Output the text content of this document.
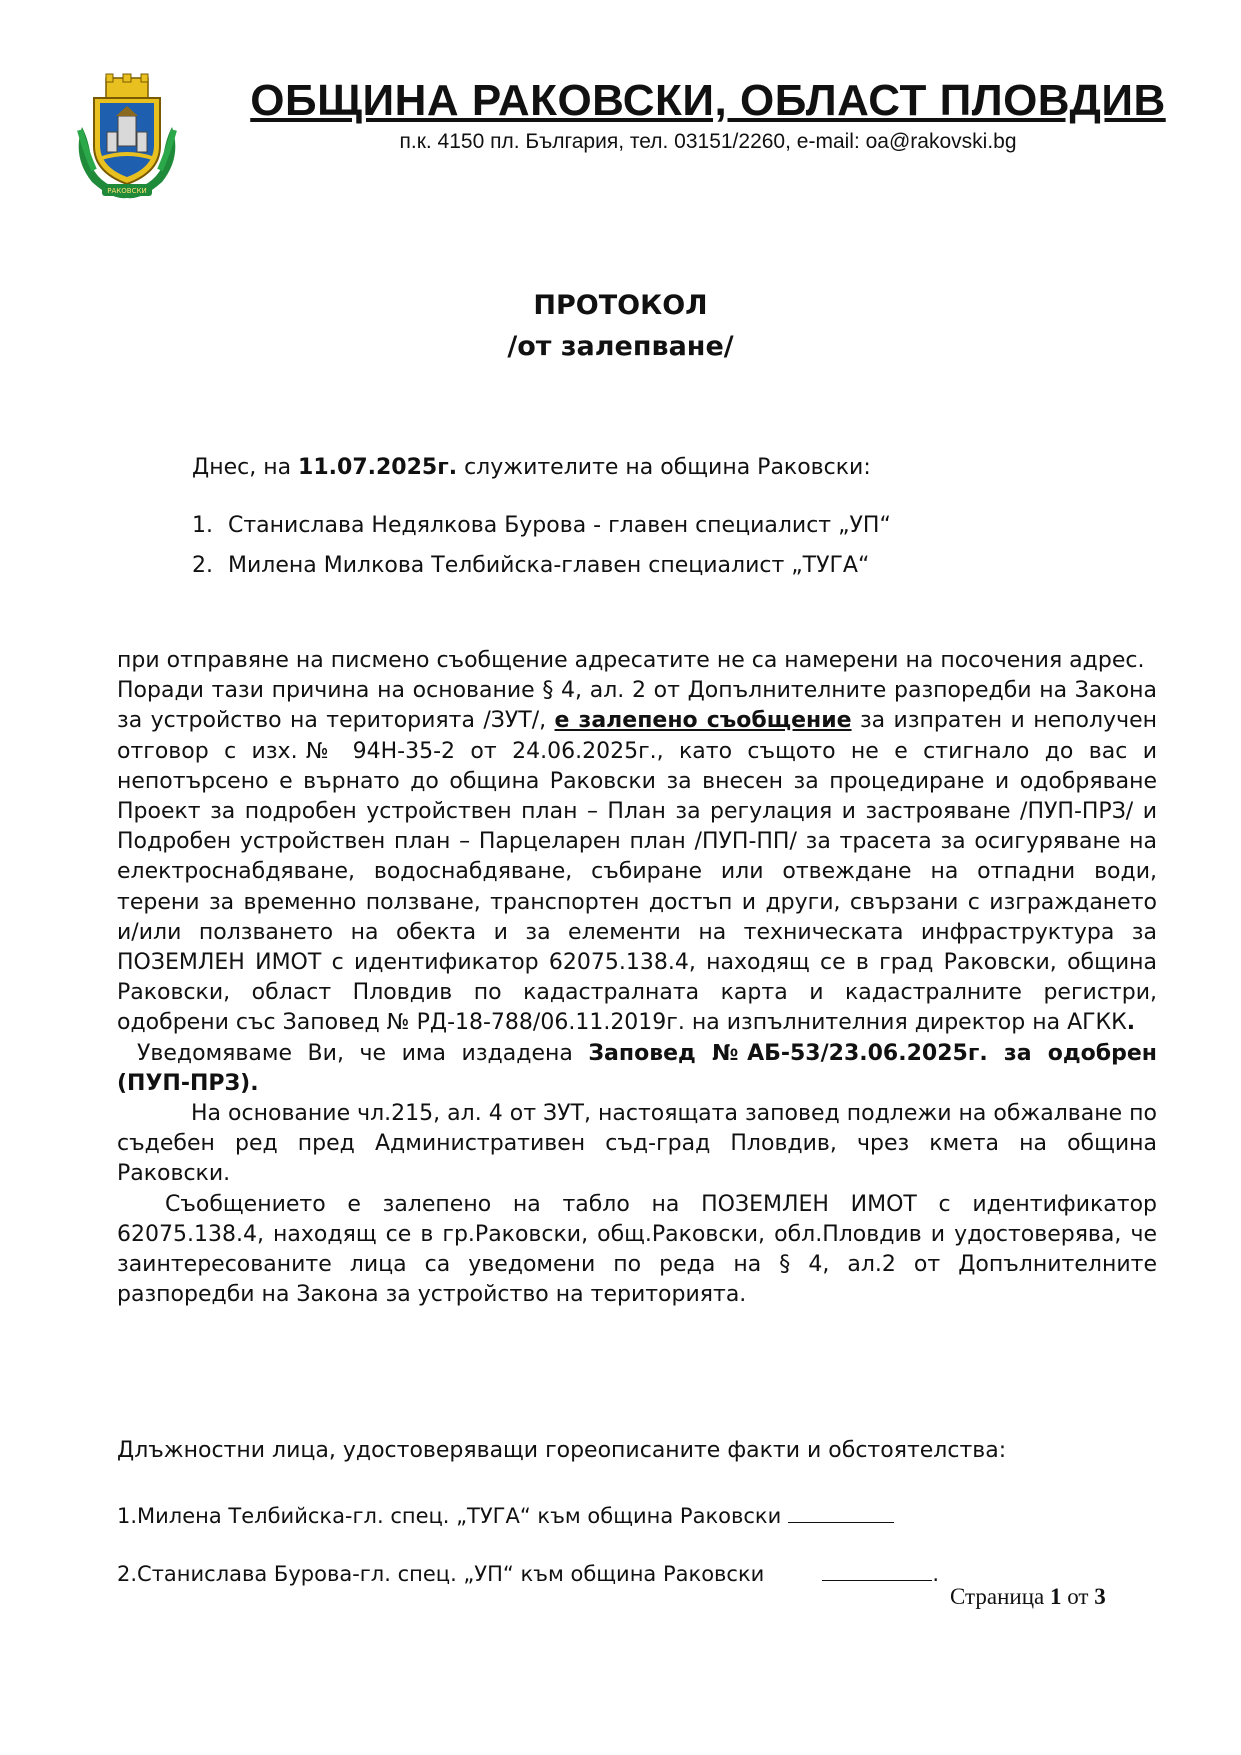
РАКОВСКИ
ОБЩИНА РАКОВСКИ, ОБЛАСТ ПЛОВДИВ
п.к. 4150 пл. България, тел. 03151/2260, e-mail: oa@rakovski.bg
ПРОТОКОЛ
/от залепване/
Днес, на 11.07.2025г. служителите на община Раковски:
1. Станислава Недялкова Бурова - главен специалист „УП“
2. Милена Милкова Телбийска-главен специалист „ТУГА“

при отправяне на писмено съобщение адресатите не са намерени на посочения адрес.

Поради тази причина на основание § 4, ал. 2 от Допълнителните разпоредби на Закона за устройство на територията /ЗУТ/, е залепено съобщение за изпратен и неполучен отговор с изх.№ 94Н-35-2 от 24.06.2025г., като същото не е стигнало до вас и непотърсено е върнато до община Раковски за внесен за процедиране и одобряване Проект за подробен устройствен план – План за регулация и застрояване /ПУП-ПРЗ/ и Подробен устройствен план – Парцеларен план /ПУП-ПП/ за трасета за осигуряване на електроснабдяване, водоснабдяване, събиране или отвеждане на отпадни води, терени за временно ползване, транспортен достъп и други, свързани с изграждането и/или ползването на обекта и за елементи на техническата инфраструктура за ПОЗЕМЛЕН ИМОТ с идентификатор 62075.138.4, находящ се в град Раковски, община Раковски, област Пловдив по кадастралната карта и кадастралните регистри, одобрени със Заповед № РД-18-788/06.11.2019г. на изпълнителния директор на АГКК.

Уведомяваме Ви, че има издадена Заповед №АБ-53/23.06.2025г. за одобрен (ПУП-ПРЗ).

На основание чл.215, ал. 4 от ЗУТ, настоящата заповед подлежи на обжалване по съдебен ред пред Административен съд-град Пловдив, чрез кмета на община Раковски.

Съобщението е залепено на табло на ПОЗЕМЛЕН ИМОТ с идентификатор 62075.138.4, находящ се в гр.Раковски, общ.Раковски, обл.Пловдив и удостоверява, че заинтересованите лица са уведомени по реда на § 4, ал.2 от Допълнителните разпоредби на Закона за устройство на територията.

Длъжностни лица, удостоверяващи гореописаните факти и обстоятелства:
1.Милена Телбийска-гл. спец. „ТУГА“ към община Раковски
2.Станислава Бурова-гл. спец. „УП“ към община Раковски	.
Страница 1 от 3
